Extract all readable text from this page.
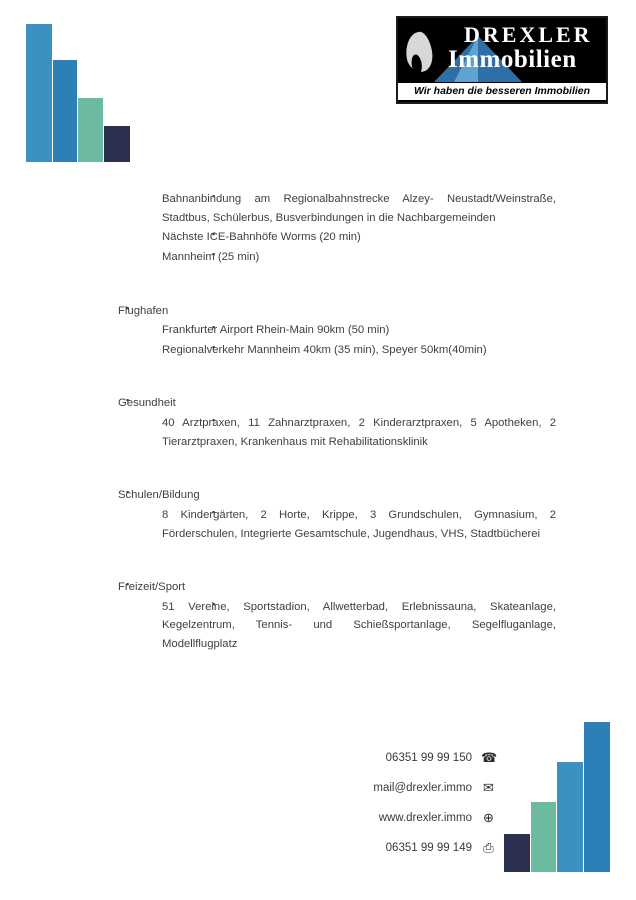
DREXLER
Immobilien
Wir haben die besseren Immobilien
▪ Bahnanbindung am Regionalbahnstrecke Alzey- Neustadt/Weinstraße, Stadtbus, Schülerbus, Busverbindungen in die Nachbargemeinden
▪ Nächste ICE-Bahnhöfe Worms (20 min)
▪ Mannheim (25 min)
▪ Flughafen
▪ Frankfurter Airport Rhein-Main 90km (50 min)
▪ Regionalverkehr Mannheim 40km (35 min), Speyer 50km(40min)
▪ Gesundheit
▪ 40 Arztpraxen, 11 Zahnarztpraxen, 2 Kinderarztpraxen, 5 Apotheken, 2 Tierarztpraxen, Krankenhaus mit Rehabilitationsklinik
▪ Schulen/Bildung
▪ 8 Kindergärten, 2 Horte, Krippe, 3 Grundschulen, Gymnasium, 2 Förderschulen, Integrierte Gesamtschule, Jugendhaus, VHS, Stadtbücherei
▪ Freizeit/Sport
▪ 51 Vereine, Sportstadion, Allwetterbad, Erlebnissauna, Skateanlage, Kegelzentrum, Tennis- und Schießsportanlage, Segelfluganlage, Modellflugplatz
06351 99 99 150 ☎
mail@drexler.immo ✉
www.drexler.immo ⊕
06351 99 99 149 ⎙
